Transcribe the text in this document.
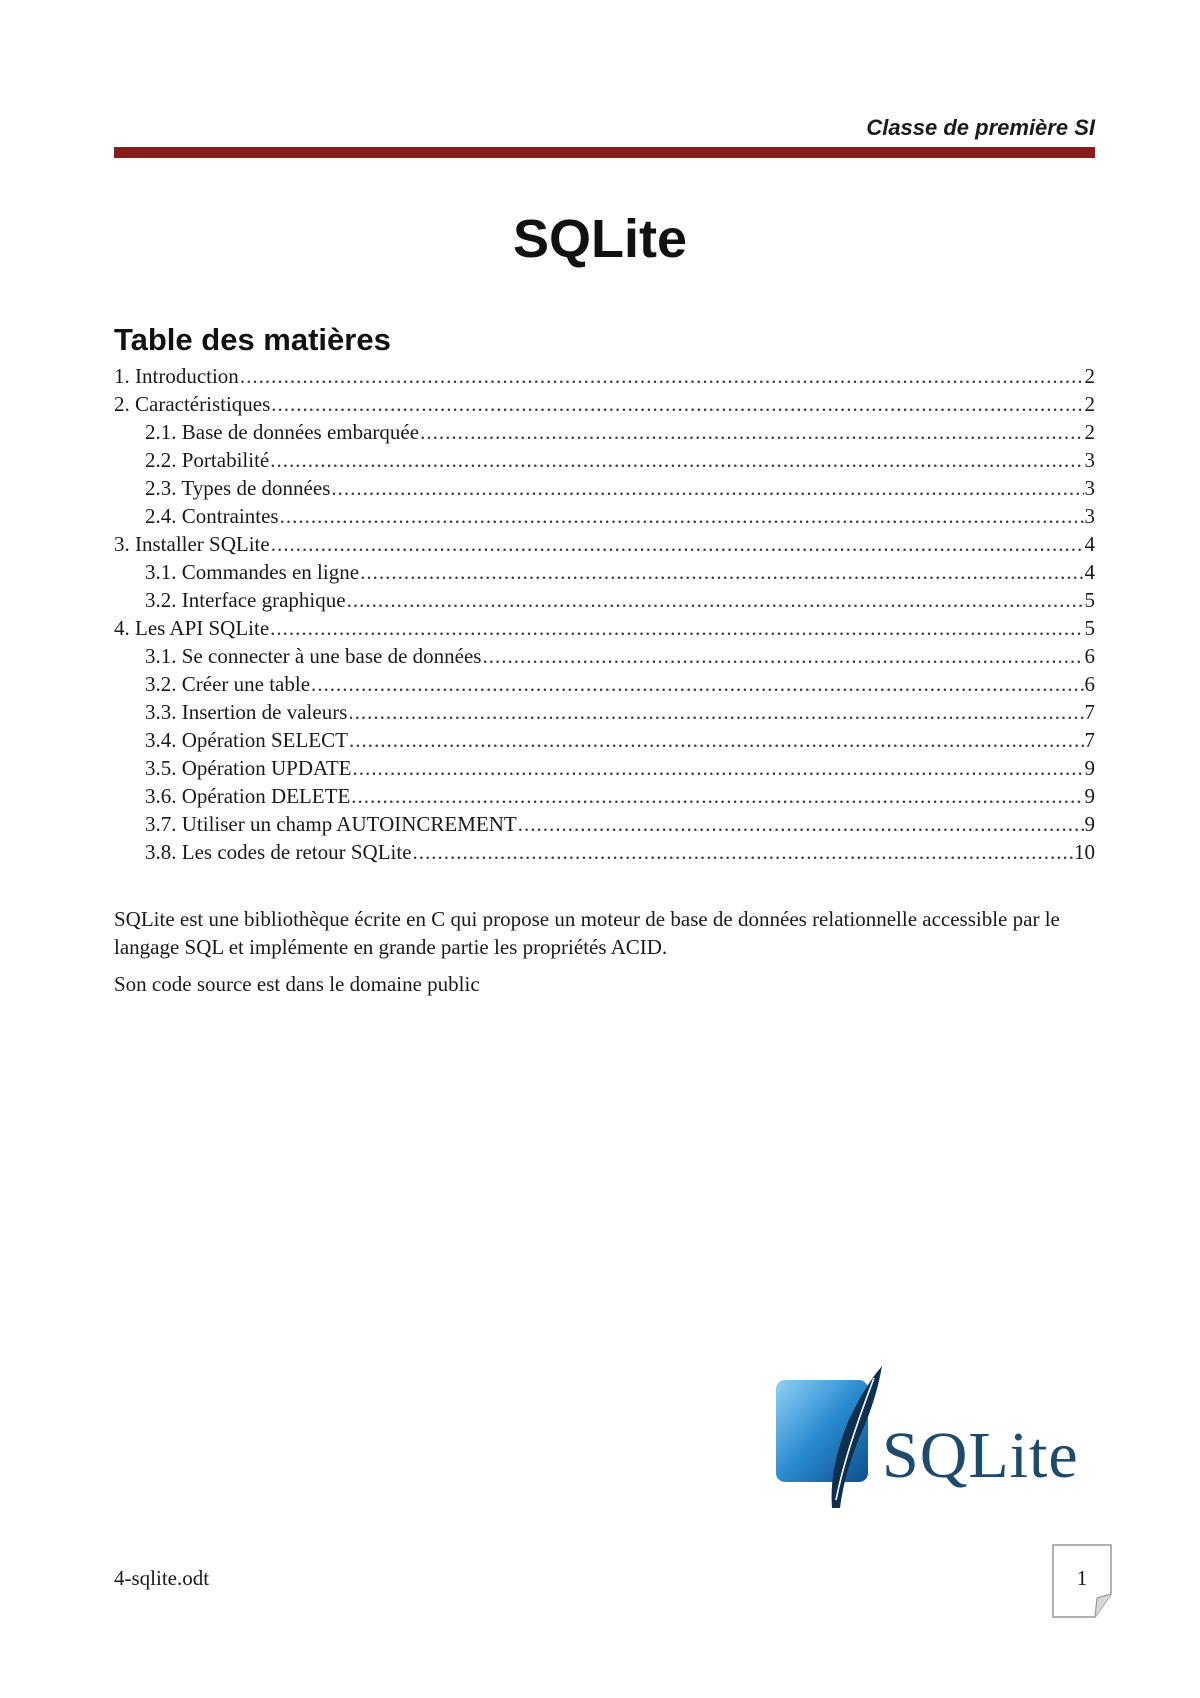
Classe de première SI
SQLite
Table des matières
1. Introduction .....	2
2. Caractéristiques .....	2
2.1. Base de données embarquée .....	2
2.2. Portabilité .....	3
2.3. Types de données .....	3
2.4. Contraintes .....	3
3. Installer SQLite .....	4
3.1. Commandes en ligne .....	4
3.2. Interface graphique .....	5
4. Les API SQLite .....	5
3.1. Se connecter à une base de données .....	6
3.2. Créer une table .....	6
3.3. Insertion de valeurs .....	7
3.4. Opération SELECT .....	7
3.5. Opération UPDATE .....	9
3.6. Opération DELETE .....	9
3.7. Utiliser un champ AUTOINCREMENT .....	9
3.8. Les codes de retour SQLite .....	10

SQLite est une bibliothèque écrite en C qui propose un moteur de base de données relationnelle accessible par le langage SQL et implémente en grande partie les propriétés ACID.

Son code source est dans le domaine public

SQLite
4-sqlite.odt	1
